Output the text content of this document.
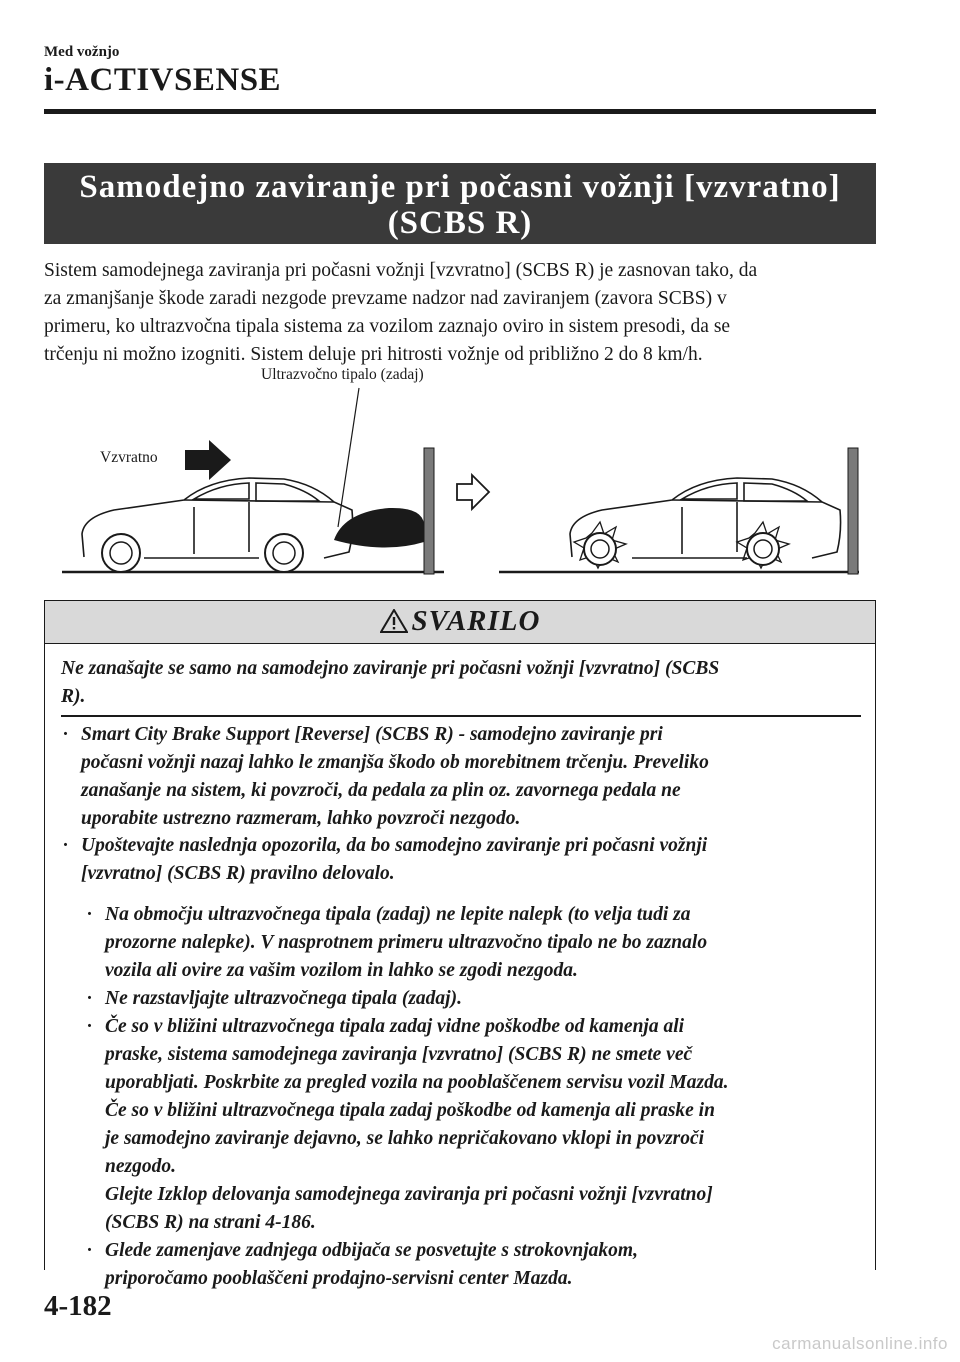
Med vožnjo
i-ACTIVSENSE
Samodejno zaviranje pri počasni vožnji [vzvratno]
(SCBS R)
Sistem samodejnega zaviranja pri počasni vožnji [vzvratno] (SCBS R) je zasnovan tako, da
za zmanjšanje škode zaradi nezgode prevzame nadzor nad zaviranjem (zavora SCBS) v
primeru, ko ultrazvočna tipala sistema za vozilom zaznajo oviro in sistem presodi, da se
trčenju ni možno izogniti. Sistem deluje pri hitrosti vožnje od približno 2 do 8 km/h.
Ultrazvočno tipalo (zadaj)
Vzvratno
SVARILO
Ne zanašajte se samo na samodejno zaviranje pri počasni vožnji [vzvratno] (SCBS
R).
· Smart City Brake Support [Reverse] (SCBS R) - samodejno zaviranje pri
počasni vožnji nazaj lahko le zmanjša škodo ob morebitnem trčenju. Preveliko
zanašanje na sistem, ki povzroči, da pedala za plin oz. zavornega pedala ne
uporabite ustrezno razmeram, lahko povzroči nezgodo.
· Upoštevajte naslednja opozorila, da bo samodejno zaviranje pri počasni vožnji
[vzvratno] (SCBS R) pravilno delovalo.
· Na območju ultrazvočnega tipala (zadaj) ne lepite nalepk (to velja tudi za
prozorne nalepke). V nasprotnem primeru ultrazvočno tipalo ne bo zaznalo
vozila ali ovire za vašim vozilom in lahko se zgodi nezgoda.
· Ne razstavljajte ultrazvočnega tipala (zadaj).
· Če so v bližini ultrazvočnega tipala zadaj vidne poškodbe od kamenja ali
praske, sistema samodejnega zaviranja [vzvratno] (SCBS R) ne smete več
uporabljati. Poskrbite za pregled vozila na pooblaščenem servisu vozil Mazda.
Če so v bližini ultrazvočnega tipala zadaj poškodbe od kamenja ali praske in
je samodejno zaviranje dejavno, se lahko nepričakovano vklopi in povzroči
nezgodo.
Glejte Izklop delovanja samodejnega zaviranja pri počasni vožnji [vzvratno]
(SCBS R) na strani 4-186.
· Glede zamenjave zadnjega odbijača se posvetujte s strokovnjakom,
priporočamo pooblaščeni prodajno-servisni center Mazda.
4-182
carmanualsonline.info
